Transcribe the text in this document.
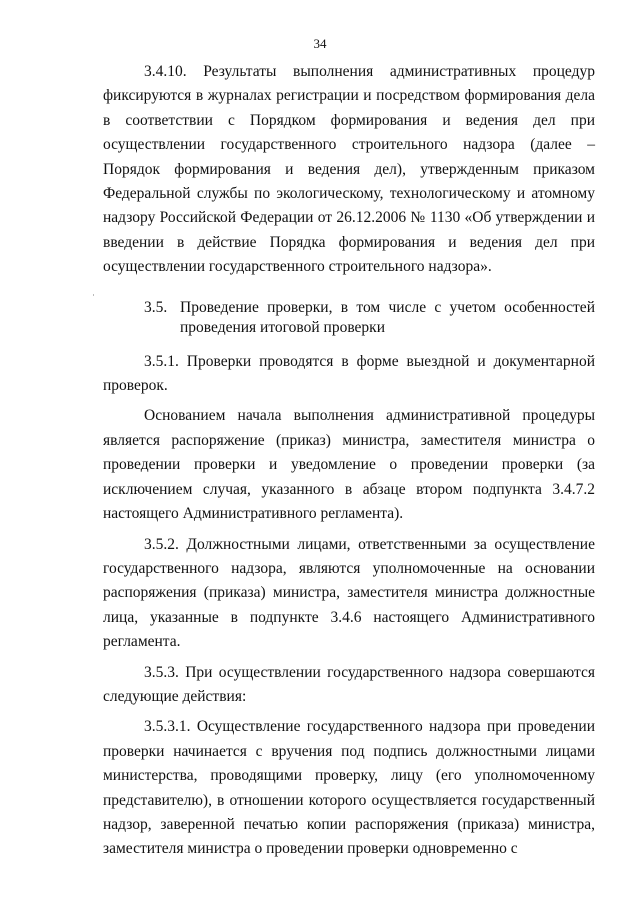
34

3.4.10. Результаты выполнения административных процедур фиксируются в журналах регистрации и посредством формирования дела в соответствии с Порядком формирования и ведения дел при осуществлении государственного строительного надзора (далее – Порядок формирования и ведения дел), утвержденным приказом Федеральной службы по экологическому, технологическому и атомному надзору Российской Федерации от 26.12.2006 № 1130 «Об утверждении и введении в действие Порядка формирования и ведения дел при осуществлении государственного строительного надзора».

3.5. Проведение проверки, в том числе с учетом особенностей проведения итоговой проверки

3.5.1. Проверки проводятся в форме выездной и документарной проверок.

Основанием начала выполнения административной процедуры является распоряжение (приказ) министра, заместителя министра о проведении проверки и уведомление о проведении проверки (за исключением случая, указанного в абзаце втором подпункта 3.4.7.2 настоящего Административного регламента).

3.5.2. Должностными лицами, ответственными за осуществление государственного надзора, являются уполномоченные на основании распоряжения (приказа) министра, заместителя министра должностные лица, указанные в подпункте 3.4.6 настоящего Административного регламента.

3.5.3. При осуществлении государственного надзора совершаются следующие действия:

3.5.3.1. Осуществление государственного надзора при проведении проверки начинается с вручения под подпись должностными лицами министерства, проводящими проверку, лицу (его уполномоченному представителю), в отношении которого осуществляется государственный надзор, заверенной печатью копии распоряжения (приказа) министра, заместителя министра о проведении проверки одновременно с
